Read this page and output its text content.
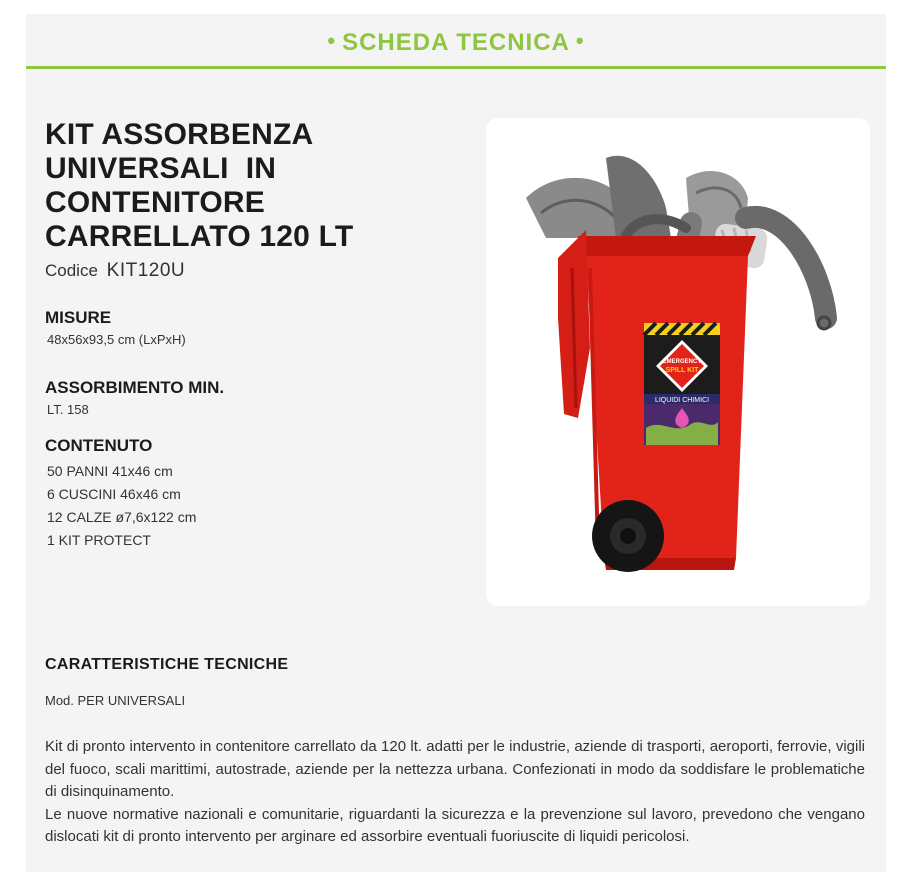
• SCHEDA TECNICA •
KIT ASSORBENZA
UNIVERSALI  IN
CONTENITORE
CARRELLATO 120 LT
Codice KIT120U
MISURE
48x56x93,5 cm (LxPxH)
ASSORBIMENTO MIN.
LT. 158
CONTENUTO
50 PANNI 41x46 cm
6 CUSCINI 46x46 cm
12 CALZE ø7,6x122 cm
1 KIT PROTECT
EMERGENCY
SPILL KIT
LIQUIDI CHIMICI
CARATTERISTICHE TECNICHE
Mod. PER UNIVERSALI

Kit di pronto intervento in contenitore carrellato da 120 lt. adatti per le industrie, aziende di trasporti, aeroporti, ferrovie, vigili del fuoco, scali marittimi, autostrade, aziende per la nettezza urbana. Confezionati in modo da soddisfare le problematiche di disinquinamento.

Le nuove normative nazionali e comunitarie, riguardanti la sicurezza e la prevenzione sul lavoro, prevedono che vengano dislocati kit di pronto intervento per arginare ed assorbire eventuali fuoriuscite di liquidi pericolosi.
